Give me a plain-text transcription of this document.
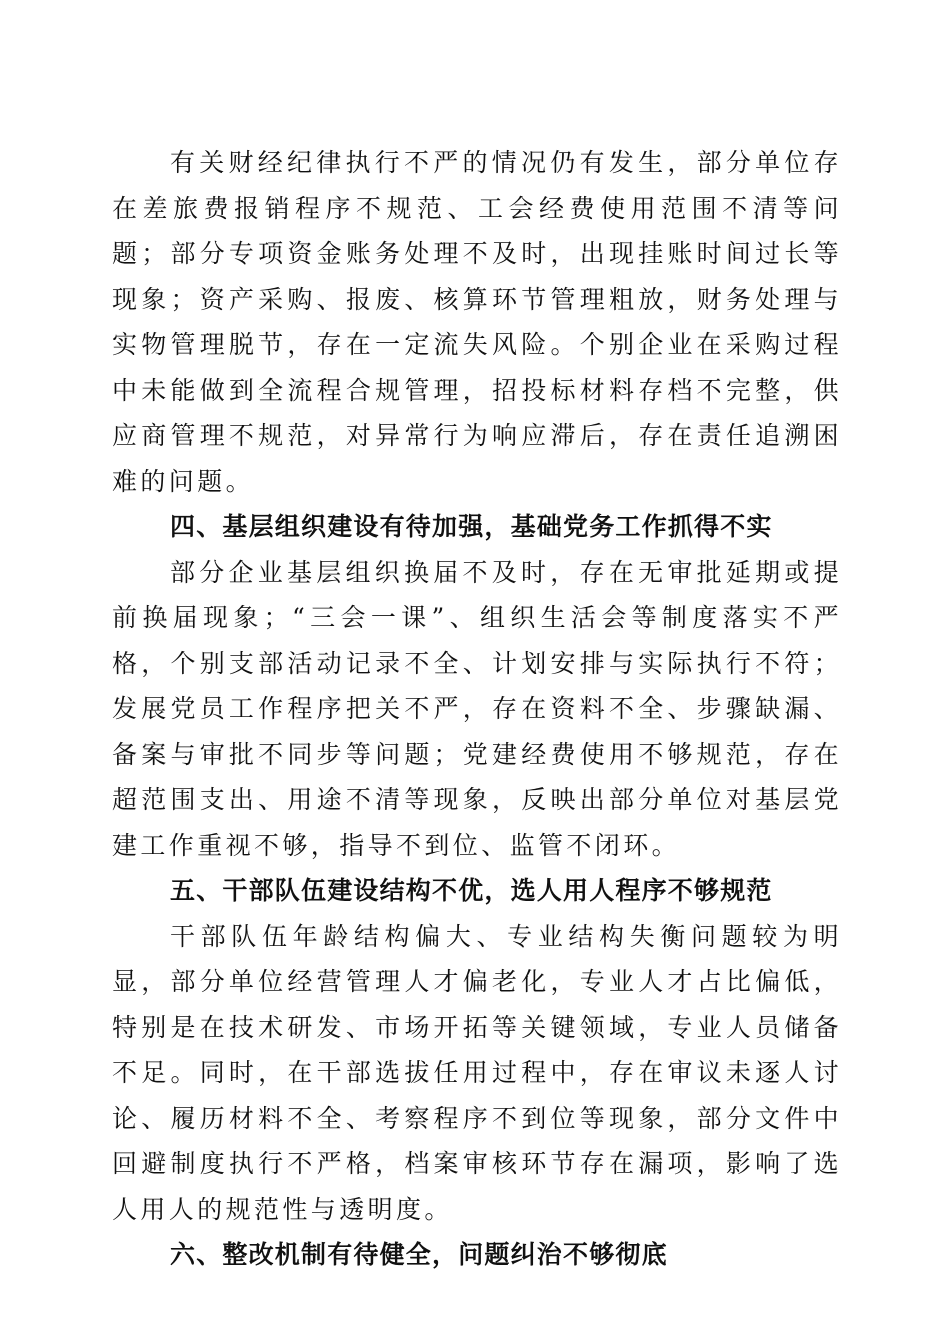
有关财经纪律执行不严的情况仍有发生，部分单位存在差旅费报销程序不规范、工会经费使用范围不清等问题；部分专项资金账务处理不及时，出现挂账时间过长等现象；资产采购、报废、核算环节管理粗放，财务处理与实物管理脱节，存在一定流失风险。个别企业在采购过程中未能做到全流程合规管理，招投标材料存档不完整，供应商管理不规范，对异常行为响应滞后，存在责任追溯困难的问题。

四、基层组织建设有待加强，基础党务工作抓得不实

部分企业基层组织换届不及时，存在无审批延期或提前换届现象；“三会一课”、组织生活会等制度落实不严格，个别支部活动记录不全、计划安排与实际执行不符；发展党员工作程序把关不严，存在资料不全、步骤缺漏、备案与审批不同步等问题；党建经费使用不够规范，存在超范围支出、用途不清等现象，反映出部分单位对基层党建工作重视不够，指导不到位、监管不闭环。

五、干部队伍建设结构不优，选人用人程序不够规范

干部队伍年龄结构偏大、专业结构失衡问题较为明显，部分单位经营管理人才偏老化，专业人才占比偏低，特别是在技术研发、市场开拓等关键领域，专业人员储备不足。同时，在干部选拔任用过程中，存在审议未逐人讨论、履历材料不全、考察程序不到位等现象，部分文件中回避制度执行不严格，档案审核环节存在漏项，影响了选人用人的规范性与透明度。

六、整改机制有待健全，问题纠治不够彻底
